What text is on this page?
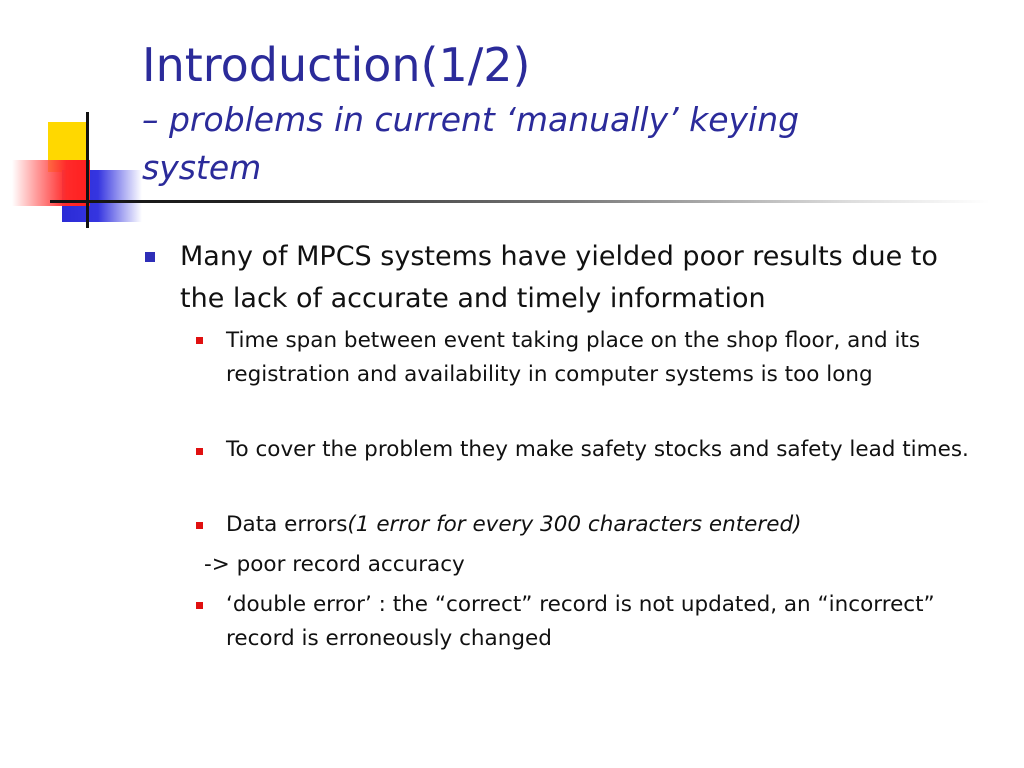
Introduction(1/2)

– problems in current ‘manually’ keying system

Many of MPCS systems have yielded poor results due to the lack of accurate and timely information
Time span between event taking place on the shop floor, and its registration and availability in computer systems is too long
To cover the problem they make safety stocks and safety lead times.
Data errors(1 error for every 300 characters entered)
-> poor record accuracy
‘double error’ : the “correct” record is not updated, an “incorrect” record is erroneously changed
